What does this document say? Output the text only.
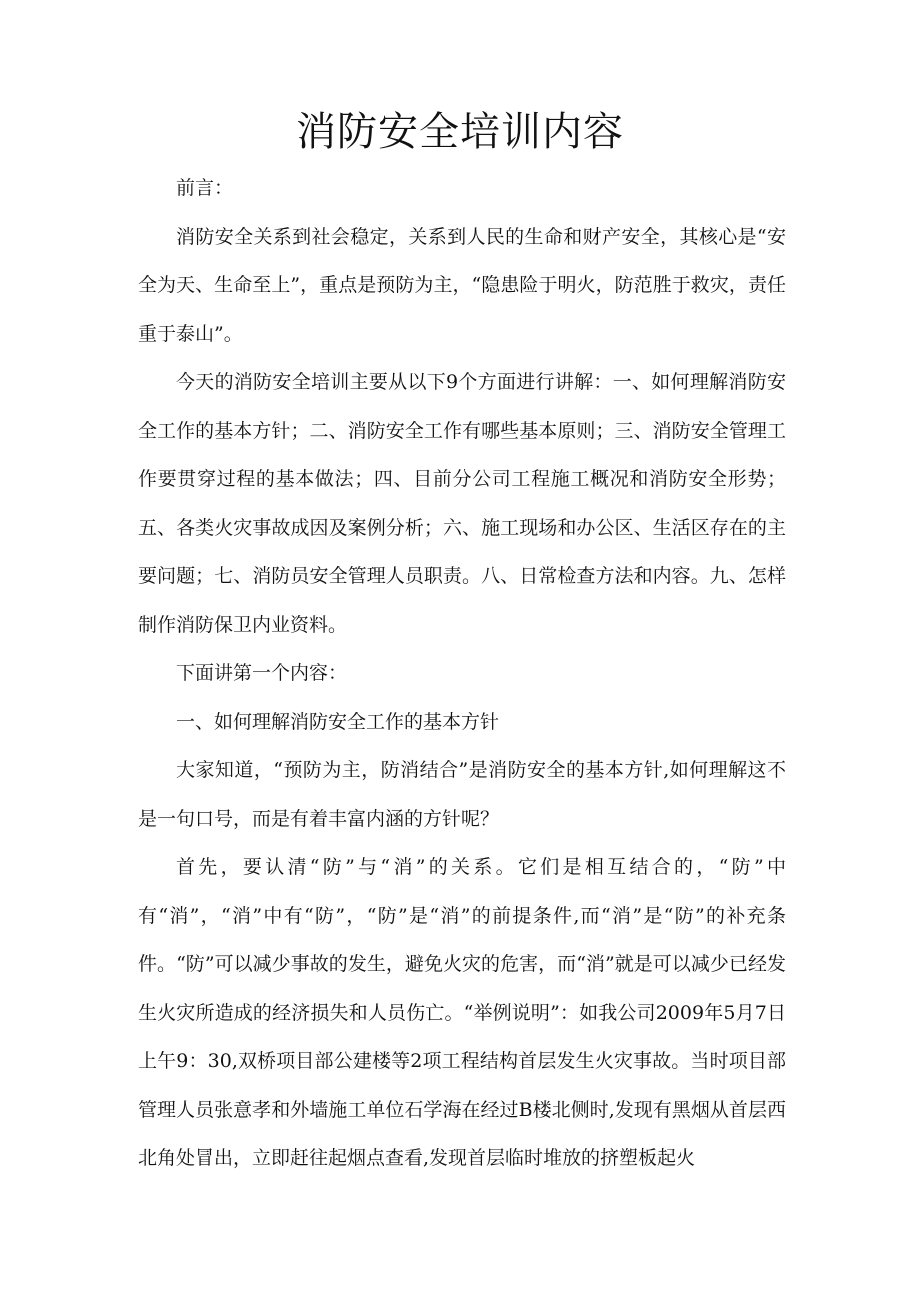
消防安全培训内容

前言：

消防安全关系到社会稳定，关系到人民的生命和财产安全，其核心是“安全为天、生命至上”，重点是预防为主，“隐患险于明火，防范胜于救灾，责任重于泰山”。

今天的消防安全培训主要从以下9个方面进行讲解：一、如何理解消防安全工作的基本方针；二、消防安全工作有哪些基本原则；三、消防安全管理工作要贯穿过程的基本做法；四、目前分公司工程施工概况和消防安全形势；五、各类火灾事故成因及案例分析；六、施工现场和办公区、生活区存在的主要问题；七、消防员安全管理人员职责。八、日常检查方法和内容。九、怎样制作消防保卫内业资料。

下面讲第一个内容：

一、如何理解消防安全工作的基本方针

大家知道，“预防为主，防消结合”是消防安全的基本方针,如何理解这不是一句口号，而是有着丰富内涵的方针呢？

首先，要认清“防”与“消”的关系。它们是相互结合的，“防”中有“消”，“消”中有“防”，“防”是“消”的前提条件,而“消”是“防”的补充条件。“防”可以减少事故的发生，避免火灾的危害，而“消”就是可以减少已经发生火灾所造成的经济损失和人员伤亡。“举例说明”：如我公司2009年5月7日上午9：30,双桥项目部公建楼等2项工程结构首层发生火灾事故。当时项目部管理人员张意孝和外墙施工单位石学海在经过B楼北侧时,发现有黑烟从首层西北角处冒出，立即赶往起烟点查看,发现首层临时堆放的挤塑板起火
